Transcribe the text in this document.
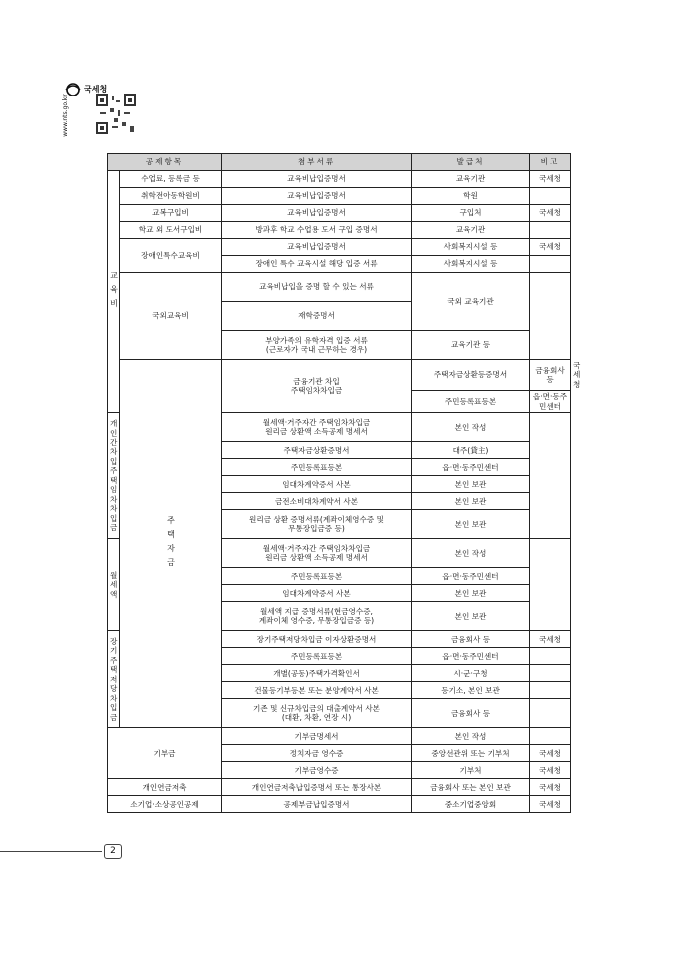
국세청
www.nts.go.kr
공제항목		첨부서류	발급처	비고	
교육비	수업료, 등록금 등	교육비납입증명서	교육기관	국세청	
	취학전아동학원비	교육비납입증명서	학원		
	교복구입비	교육비납입증명서	구입처	국세청	
	학교 외 도서구입비	방과후 학교 수업용 도서 구입 증명서	교육기관		
	장애인특수교육비	교육비납입증명서	사회복지시설 등	국세청	
		장애인 특수 교육시설 해당 입증 서류	사회복지시설 등		
	국외교육비	교육비납입을 증명 할 수 있는 서류	국외 교육기관		
		재학증명서			
		부양가족의 유학자격 입증 서류
(근로자가 국내 근무하는 경우)	교육기관 등		
	주택자금	금융기관 차입
주택임차차입금	주택자금상환등증명서	금융회사 등	국세청
			주민등록표등본	읍·면·동주민센터	
개인간 차입
주택임차차입금		월세액·거주자간 주택임차차입금
원리금 상환액 소득공제 명세서	본인 작성		
		주택자금상환증명서	대주(貸主)		
		주민등록표등본	읍·면·동주민센터		
		임대차계약증서 사본	본인 보관		
		금전소비대차계약서 사본	본인 보관		
		원리금 상환 증명서류(계좌이체영수증 및
무통장입금증 등)	본인 보관		
월세액		월세액·거주자간 주택임차차입금
원리금 상환액 소득공제 명세서	본인 작성		
		주민등록표등본	읍·면·동주민센터		
		임대차계약증서 사본	본인 보관		
		월세액 지급 증명서류(현금영수증,
계좌이체 영수증, 무통장입금증 등)	본인 보관		
장기주택
저당차입금		장기주택저당차입금 이자상환증명서	금융회사 등	국세청	
		주민등록표등본	읍·면·동주민센터		
		개별(공동)주택가격확인서	시·군·구청		
		건물등기부등본 또는 분양계약서 사본	등기소, 본인 보관		
		기존 및 신규차입금의 대출계약서 사본
(대환, 차환, 연장 시)	금융회사 등		
기부금		기부금명세서	본인 작성		
		정치자금 영수증	중앙선관위 또는 기부처	국세청	
		기부금영수증	기부처	국세청	
개인연금저축		개인연금저축납입증명서 또는 통장사본	금융회사 또는 본인 보관	국세청	
소기업·소상공인공제		공제부금납입증명서	중소기업중앙회	국세청	
2
